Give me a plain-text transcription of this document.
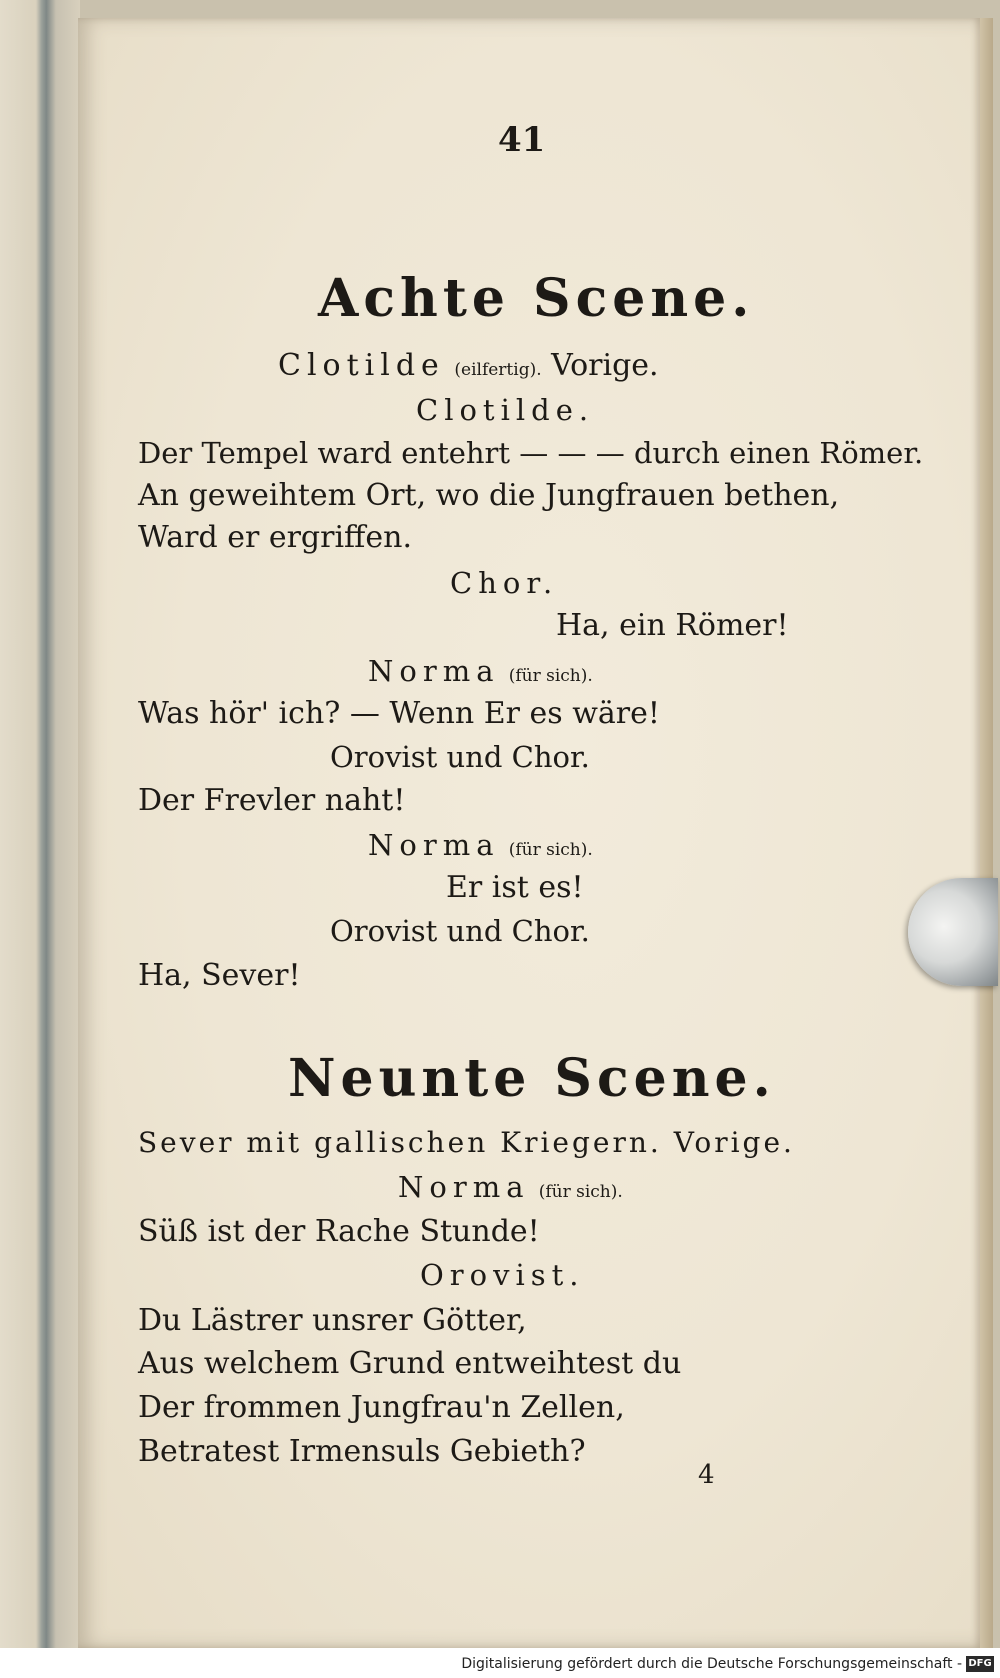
41
Achte Scene.
Clotilde (eilfertig). Vorige.
Clotilde.
Der Tempel ward entehrt — — — durch einen Römer.
An geweihtem Ort, wo die Jungfrauen bethen,
Ward er ergriffen.
Chor.
Ha, ein Römer!
Norma (für sich).
Was hör' ich? — Wenn Er es wäre!
Orovist und Chor.
Der Frevler naht!
Norma (für sich).
Er ist es!
Orovist und Chor.
Ha, Sever!
Neunte Scene.
Sever mit gallischen Kriegern. Vorige.
Norma (für sich).
Süß ist der Rache Stunde!
Orovist.
Du Lästrer unsrer Götter,
Aus welchem Grund entweihtest du
Der frommen Jungfrau'n Zellen,
Betratest Irmensuls Gebieth?
4
Digitalisierung gefördert durch die Deutsche Forschungsgemeinschaft - DFG
